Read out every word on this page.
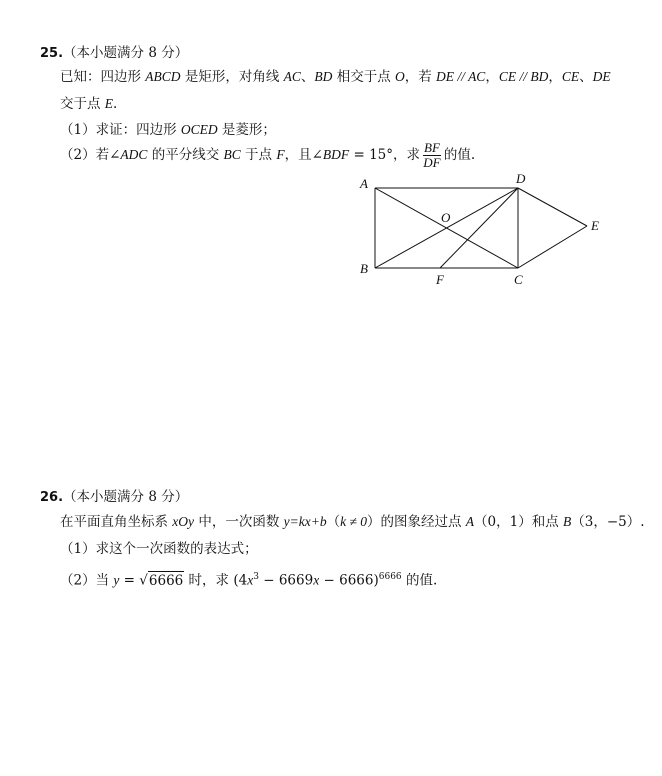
25.（本小题满分 8 分）
已知：四边形 ABCD 是矩形，对角线 AC、BD 相交于点 O，若 DE // AC，CE // BD，CE、DE
交于点 E.
（1）求证：四边形 OCED 是菱形；
（2）若∠ADC 的平分线交 BC 于点 F，且∠BDF = 15°，求 $\frac{BF}{DF}$ 的值.
A
B
C
D
E
F
O
26.（本小题满分 8 分）
在平面直角坐标系 xOy 中，一次函数 y=kx+b（k ≠ 0）的图象经过点 A（0，1）和点 B（3，−5）.
（1）求这个一次函数的表达式；
（2）当 y = √6666 时，求 $(4x^3 - 6669x - 6666)^{6666}$ 的值.
